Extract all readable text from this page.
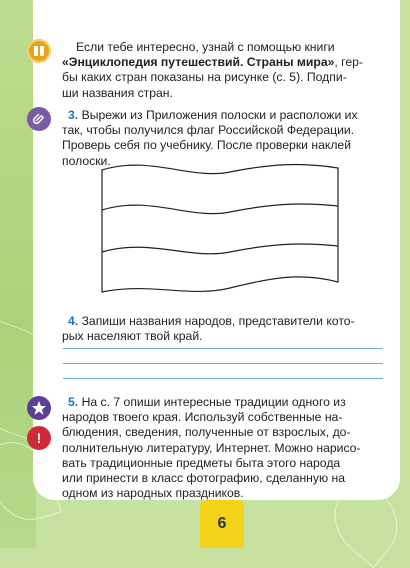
!
Если тебе интересно, узнай с помощью книги
«Энциклопедия путешествий. Страны мира», гер-
бы каких стран показаны на рисунке (с. 5). Подпи-
ши названия стран.
3. Вырежи из Приложения полоски и расположи их
так, чтобы получился флаг Российской Федерации.
Проверь себя по учебнику. После проверки наклей
полоски.
4. Запиши названия народов, представители кото-
рых населяют твой край.
5. На с. 7 опиши интересные традиции одного из
народов твоего края. Используй собственные на-
блюдения, сведения, полученные от взрослых, до-
полнительную литературу, Интернет. Можно нарисо-
вать традиционные предметы быта этого народа
или принести в класс фотографию, сделанную на
одном из народных праздников.
6
